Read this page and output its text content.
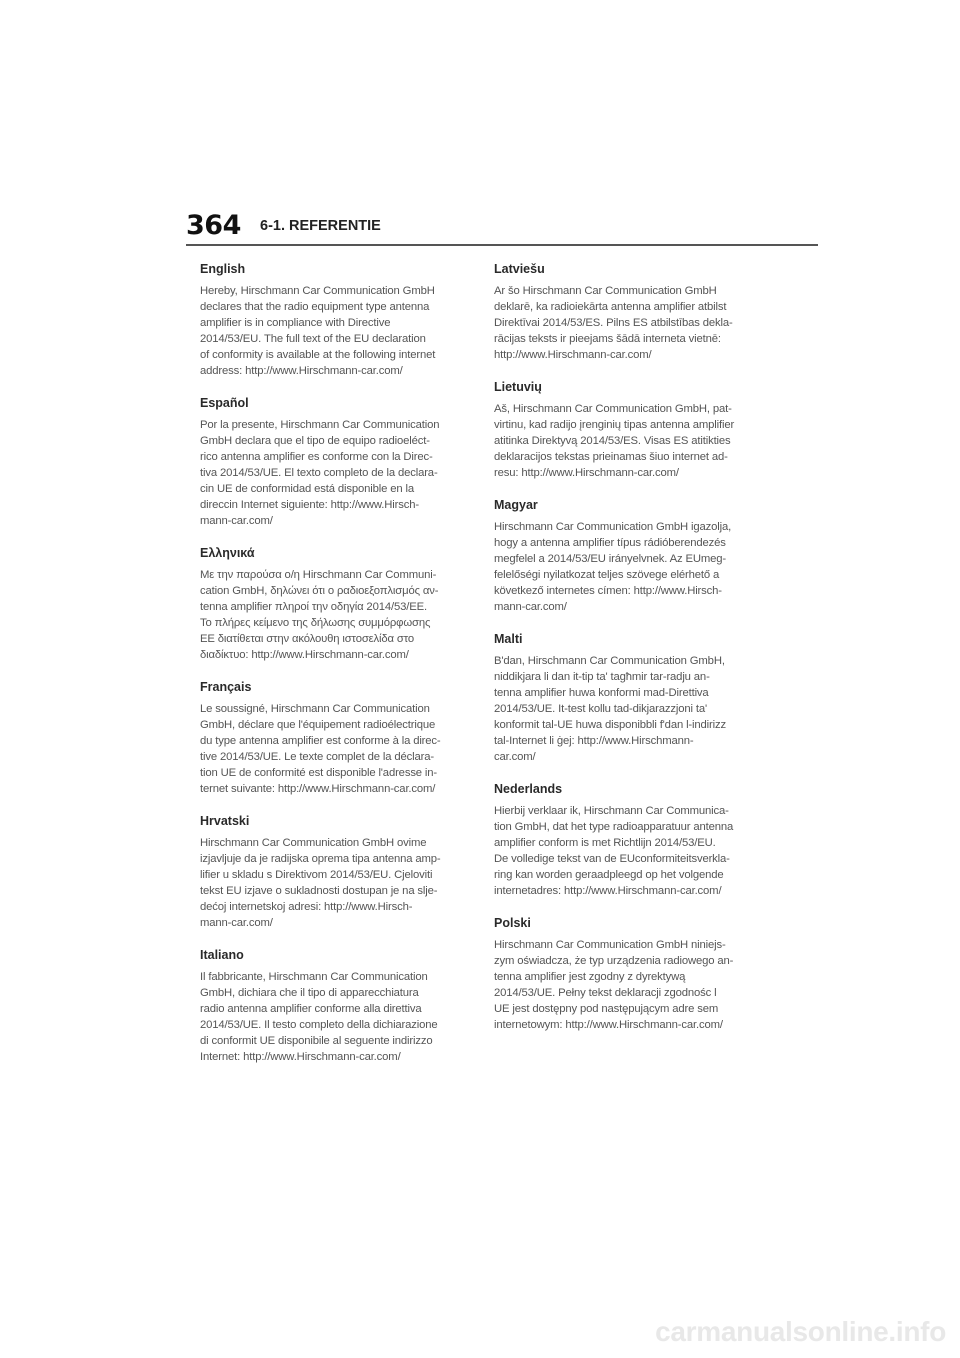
364 6-1. REFERENTIE
English

Hereby, Hirschmann Car Communication GmbH
declares that the radio equipment type antenna
amplifier is in compliance with Directive
2014/53/EU. The full text of the EU declaration
of conformity is available at the following internet
address: http://www.Hirschmann-car.com/

Español

Por la presente, Hirschmann Car Communication
GmbH declara que el tipo de equipo radioeléct-
rico antenna amplifier es conforme con la Direc-
tiva 2014/53/UE. El texto completo de la declara-
cin UE de conformidad está disponible en la
direccin Internet siguiente: http://www.Hirsch-
mann-car.com/

Ελληνικά

Με την παρούσα ο/η Hirschmann Car Communi-
cation GmbH, δηλώνει ότι ο ραδιοεξοπλισμός αν-
tenna amplifier πληροί την οδηγία 2014/53/ΕΕ.
Το πλήρες κείμενο της δήλωσης συμμόρφωσης
ΕΕ διατίθεται στην ακόλουθη ιστοσελίδα στο
διαδίκτυο: http://www.Hirschmann-car.com/

Français

Le soussigné, Hirschmann Car Communication
GmbH, déclare que l'équipement radioélectrique
du type antenna amplifier est conforme à la direc-
tive 2014/53/UE. Le texte complet de la déclara-
tion UE de conformité est disponible l'adresse in-
ternet suivante: http://www.Hirschmann-car.com/

Hrvatski

Hirschmann Car Communication GmbH ovime
izjavljuje da je radijska oprema tipa antenna amp-
lifier u skladu s Direktivom 2014/53/EU. Cjeloviti
tekst EU izjave o sukladnosti dostupan je na slje-
dećoj internetskoj adresi: http://www.Hirsch-
mann-car.com/

Italiano

Il fabbricante, Hirschmann Car Communication
GmbH, dichiara che il tipo di apparecchiatura
radio antenna amplifier conforme alla direttiva
2014/53/UE. Il testo completo della dichiarazione
di conformit UE disponibile al seguente indirizzo
Internet: http://www.Hirschmann-car.com/

Latviešu

Ar šo Hirschmann Car Communication GmbH
deklarē, ka radioiekārta antenna amplifier atbilst
Direktīvai 2014/53/ES. Pilns ES atbilstības dekla-
rācijas teksts ir pieejams šādā interneta vietnē:
http://www.Hirschmann-car.com/

Lietuvių

Aš, Hirschmann Car Communication GmbH, pat-
virtinu, kad radijo įrenginių tipas antenna amplifier
atitinka Direktyvą 2014/53/ES. Visas ES atitikties
deklaracijos tekstas prieinamas šiuo internet ad-
resu: http://www.Hirschmann-car.com/

Magyar

Hirschmann Car Communication GmbH igazolja,
hogy a antenna amplifier típus rádióberendezés
megfelel a 2014/53/EU irányelvnek. Az EUmeg-
felelőségi nyilatkozat teljes szövege elérhető a
következő internetes címen: http://www.Hirsch-
mann-car.com/

Malti

B'dan, Hirschmann Car Communication GmbH,
niddikjara li dan it-tip ta' tagħmir tar-radju an-
tenna amplifier huwa konformi mad-Direttiva
2014/53/UE. It-test kollu tad-dikjarazzjoni ta'
konformit tal-UE huwa disponibbli f'dan l-indirizz
tal-Internet li ġej: http://www.Hirschmann-
car.com/

Nederlands

Hierbij verklaar ik, Hirschmann Car Communica-
tion GmbH, dat het type radioapparatuur antenna
amplifier conform is met Richtlijn 2014/53/EU.
De volledige tekst van de EUconformiteitsverkla-
ring kan worden geraadpleegd op het volgende
internetadres: http://www.Hirschmann-car.com/

Polski

Hirschmann Car Communication GmbH niniejs-
zym oświadcza, że typ urządzenia radiowego an-
tenna amplifier jest zgodny z dyrektywą
2014/53/UE. Pełny tekst deklaracji zgodnośc l
UE jest dostępny pod następującym adre sem
internetowym: http://www.Hirschmann-car.com/

carmanualsonline.info
